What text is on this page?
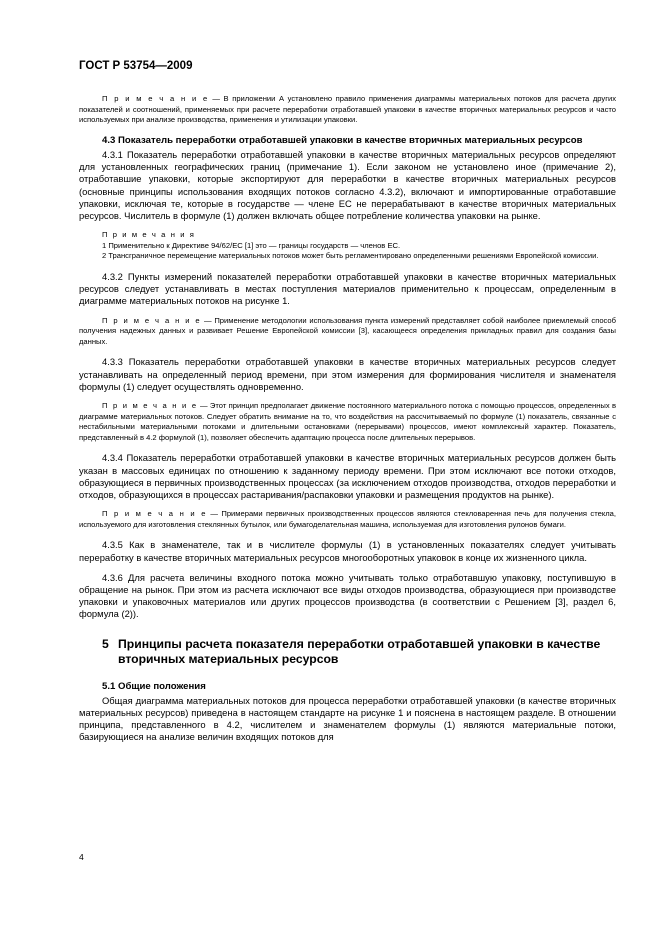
ГОСТ Р 53754—2009

П р и м е ч а н и е — В приложении А установлено правило применения диаграммы материальных потоков для расчета других показателей и соотношений, применяемых при расчете переработки отработавшей упаковки в качестве вторичных материальных ресурсов и часто используемых при анализе производства, применения и утилизации упаковки.

4.3 Показатель переработки отработавшей упаковки в качестве вторичных материальных ресурсов

4.3.1 Показатель переработки отработавшей упаковки в качестве вторичных материальных ресурсов определяют для установленных географических границ (примечание 1). Если законом не установлено иное (примечание 2), отработавшие упаковки, которые экспортируют для переработки в качестве вторичных материальных ресурсов (основные принципы использования входящих потоков согласно 4.3.2), включают и импортированные отработавшие упаковки, исключая те, которые в государстве — члене ЕС не перерабатывают в качестве вторичных материальных ресурсов. Числитель в формуле (1) должен включать общее потребление количества упаковки на рынке.

П р и м е ч а н и я

1 Применительно к Директиве 94/62/ЕС [1] это — границы государств — членов ЕС.

2 Трансграничное перемещение материальных потоков может быть регламентировано определенными решениями Европейской комиссии.

4.3.2 Пункты измерений показателей переработки отработавшей упаковки в качестве вторичных материальных ресурсов следует устанавливать в местах поступления материалов применительно к процессам, определенным в диаграмме материальных потоков на рисунке 1.

П р и м е ч а н и е — Применение методологии использования пункта измерений представляет собой наиболее приемлемый способ получения надежных данных и развивает Решение Европейской комиссии [3], касающееся определения прикладных правил для создания базы данных.

4.3.3 Показатель переработки отработавшей упаковки в качестве вторичных материальных ресурсов следует устанавливать на определенный период времени, при этом измерения для формирования числителя и знаменателя формулы (1) следует осуществлять одновременно.

П р и м е ч а н и е — Этот принцип предполагает движение постоянного материального потока с помощью процессов, определенных в диаграмме материальных потоков. Следует обратить внимание на то, что воздействия на рассчитываемый по формуле (1) показатель, связанные с нестабильными материальными потоками и длительными остановками (перерывами) процессов, имеют комплексный характер. Показатель, представленный в 4.2 формулой (1), позволяет обеспечить адаптацию процесса после длительных перерывов.

4.3.4 Показатель переработки отработавшей упаковки в качестве вторичных материальных ресурсов должен быть указан в массовых единицах по отношению к заданному периоду времени. При этом исключают все потоки отходов, образующиеся в первичных производственных процессах (за исключением отходов производства, отходов переработки и отходов, образующихся в процессах растаривания/распаковки упаковки и размещения продуктов на рынке).

П р и м е ч а н и е — Примерами первичных производственных процессов являются стекловаренная печь для получения стекла, используемого для изготовления стеклянных бутылок, или бумагоделательная машина, используемая для изготовления рулонов бумаги.

4.3.5 Как в знаменателе, так и в числителе формулы (1) в установленных показателях следует учитывать переработку в качестве вторичных материальных ресурсов многооборотных упаковок в конце их жизненного цикла.

4.3.6 Для расчета величины входного потока можно учитывать только отработавшую упаковку, поступившую в обращение на рынок. При этом из расчета исключают все виды отходов производства, образующиеся при производстве упаковки и упаковочных материалов или других процессов производства (в соответствии с Решением [3], раздел 6, формула (2)).

5 Принципы расчета показателя переработки отработавшей упаковки в качестве вторичных материальных ресурсов
5.1 Общие положения

Общая диаграмма материальных потоков для процесса переработки отработавшей упаковки (в качестве вторичных материальных ресурсов) приведена в настоящем стандарте на рисунке 1 и пояснена в настоящем разделе. В отношении принципа, представленного в 4.2, числителем и знаменателем формулы (1) являются материальные потоки, базирующиеся на анализе величин входящих потоков для

4
